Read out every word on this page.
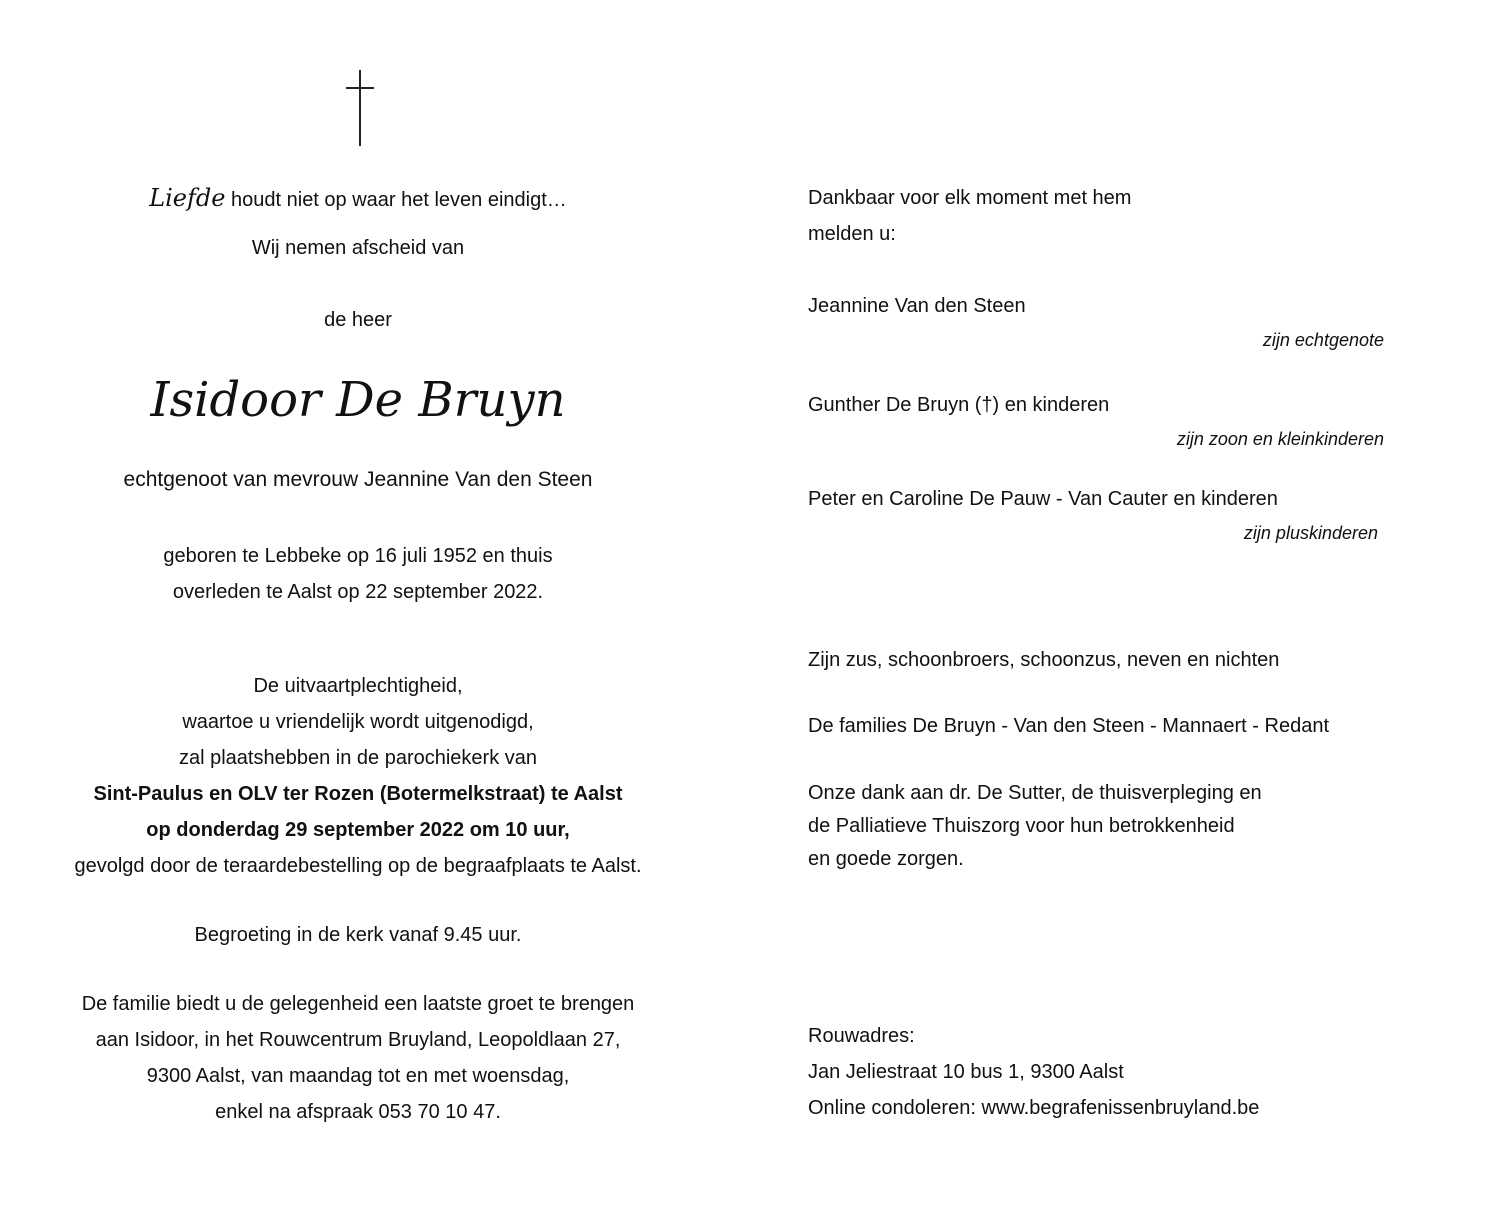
Liefde houdt niet op waar het leven eindigt…
Wij nemen afscheid van
de heer
Isidoor De Bruyn
echtgenoot van mevrouw Jeannine Van den Steen
geboren te Lebbeke op 16 juli 1952 en thuis
overleden te Aalst op 22 september 2022.
De uitvaartplechtigheid,
waartoe u vriendelijk wordt uitgenodigd,
zal plaatshebben in de parochiekerk van
Sint-Paulus en OLV ter Rozen (Botermelkstraat) te Aalst
op donderdag 29 september 2022 om 10 uur,
gevolgd door de teraardebestelling op de begraafplaats te Aalst.
Begroeting in de kerk vanaf 9.45 uur.
De familie biedt u de gelegenheid een laatste groet te brengen
aan Isidoor, in het Rouwcentrum Bruyland, Leopoldlaan 27,
9300 Aalst, van maandag tot en met woensdag,
enkel na afspraak 053 70 10 47.
Dankbaar voor elk moment met hem
melden u:
Jeannine Van den Steen
zijn echtgenote
Gunther De Bruyn (†) en kinderen
zijn zoon en kleinkinderen
Peter en Caroline De Pauw - Van Cauter en kinderen
zijn pluskinderen
Zijn zus, schoonbroers, schoonzus, neven en nichten
De families De Bruyn - Van den Steen - Mannaert - Redant
Onze dank aan dr. De Sutter, de thuisverpleging en
de Palliatieve Thuiszorg voor hun betrokkenheid
en goede zorgen.
Rouwadres:
Jan Jeliestraat 10 bus 1, 9300 Aalst
Online condoleren: www.begrafenissenbruyland.be
